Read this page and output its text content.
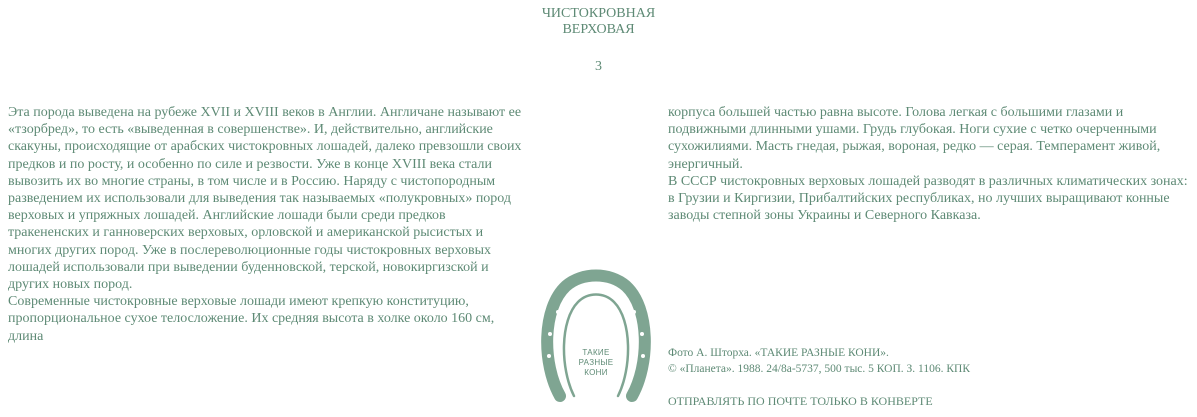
ЧИСТОКРОВНАЯ
ВЕРХОВАЯ
3

Эта порода выведена на рубеже XVII и XVIII веков в Англии. Англичане называют ее «тзорбред», то есть «выведенная в совершенстве». И, действительно, английские скакуны, происходящие от арабских чистокровных лошадей, далеко превзошли своих предков и по росту, и особенно по силе и резвости. Уже в конце XVIII века стали вывозить их во многие страны, в том числе и в Россию. Наряду с чистопородным разведением их использовали для выведения так называемых «полукровных» пород верховых и упряжных лошадей. Английские лошади были среди предков тракененских и ганноверских верховых, орловской и американской рысистых и многих других пород. Уже в послереволюционные годы чистокровных верховых лошадей использовали при выведении буденновской, терской, новокиргизской и других новых пород.

Современные чистокровные верховые лошади имеют крепкую конституцию, пропорциональное сухое телосложение. Их средняя высота в холке около 160 см, длина

ТАКИЕ
РАЗНЫЕ
КОНИ

корпуса большей частью равна высоте. Голова легкая с большими глазами и подвижными длинными ушами. Грудь глубокая. Ноги сухие с четко очерченными сухожилиями. Масть гнедая, рыжая, вороная, редко — серая. Темперамент живой, энергичный.

В СССР чистокровных верховых лошадей разводят в различных климатических зонах: в Грузии и Киргизии, Прибалтийских республиках, но лучших выращивают конные заводы степной зоны Украины и Северного Кавказа.

Фото А. Шторха. «ТАКИЕ РАЗНЫЕ КОНИ».
© «Планета». 1988. 24/8а-5737, 500 тыс. 5 КОП. З. 1106. КПК
ОТПРАВЛЯТЬ ПО ПОЧТЕ ТОЛЬКО В КОНВЕРТЕ
